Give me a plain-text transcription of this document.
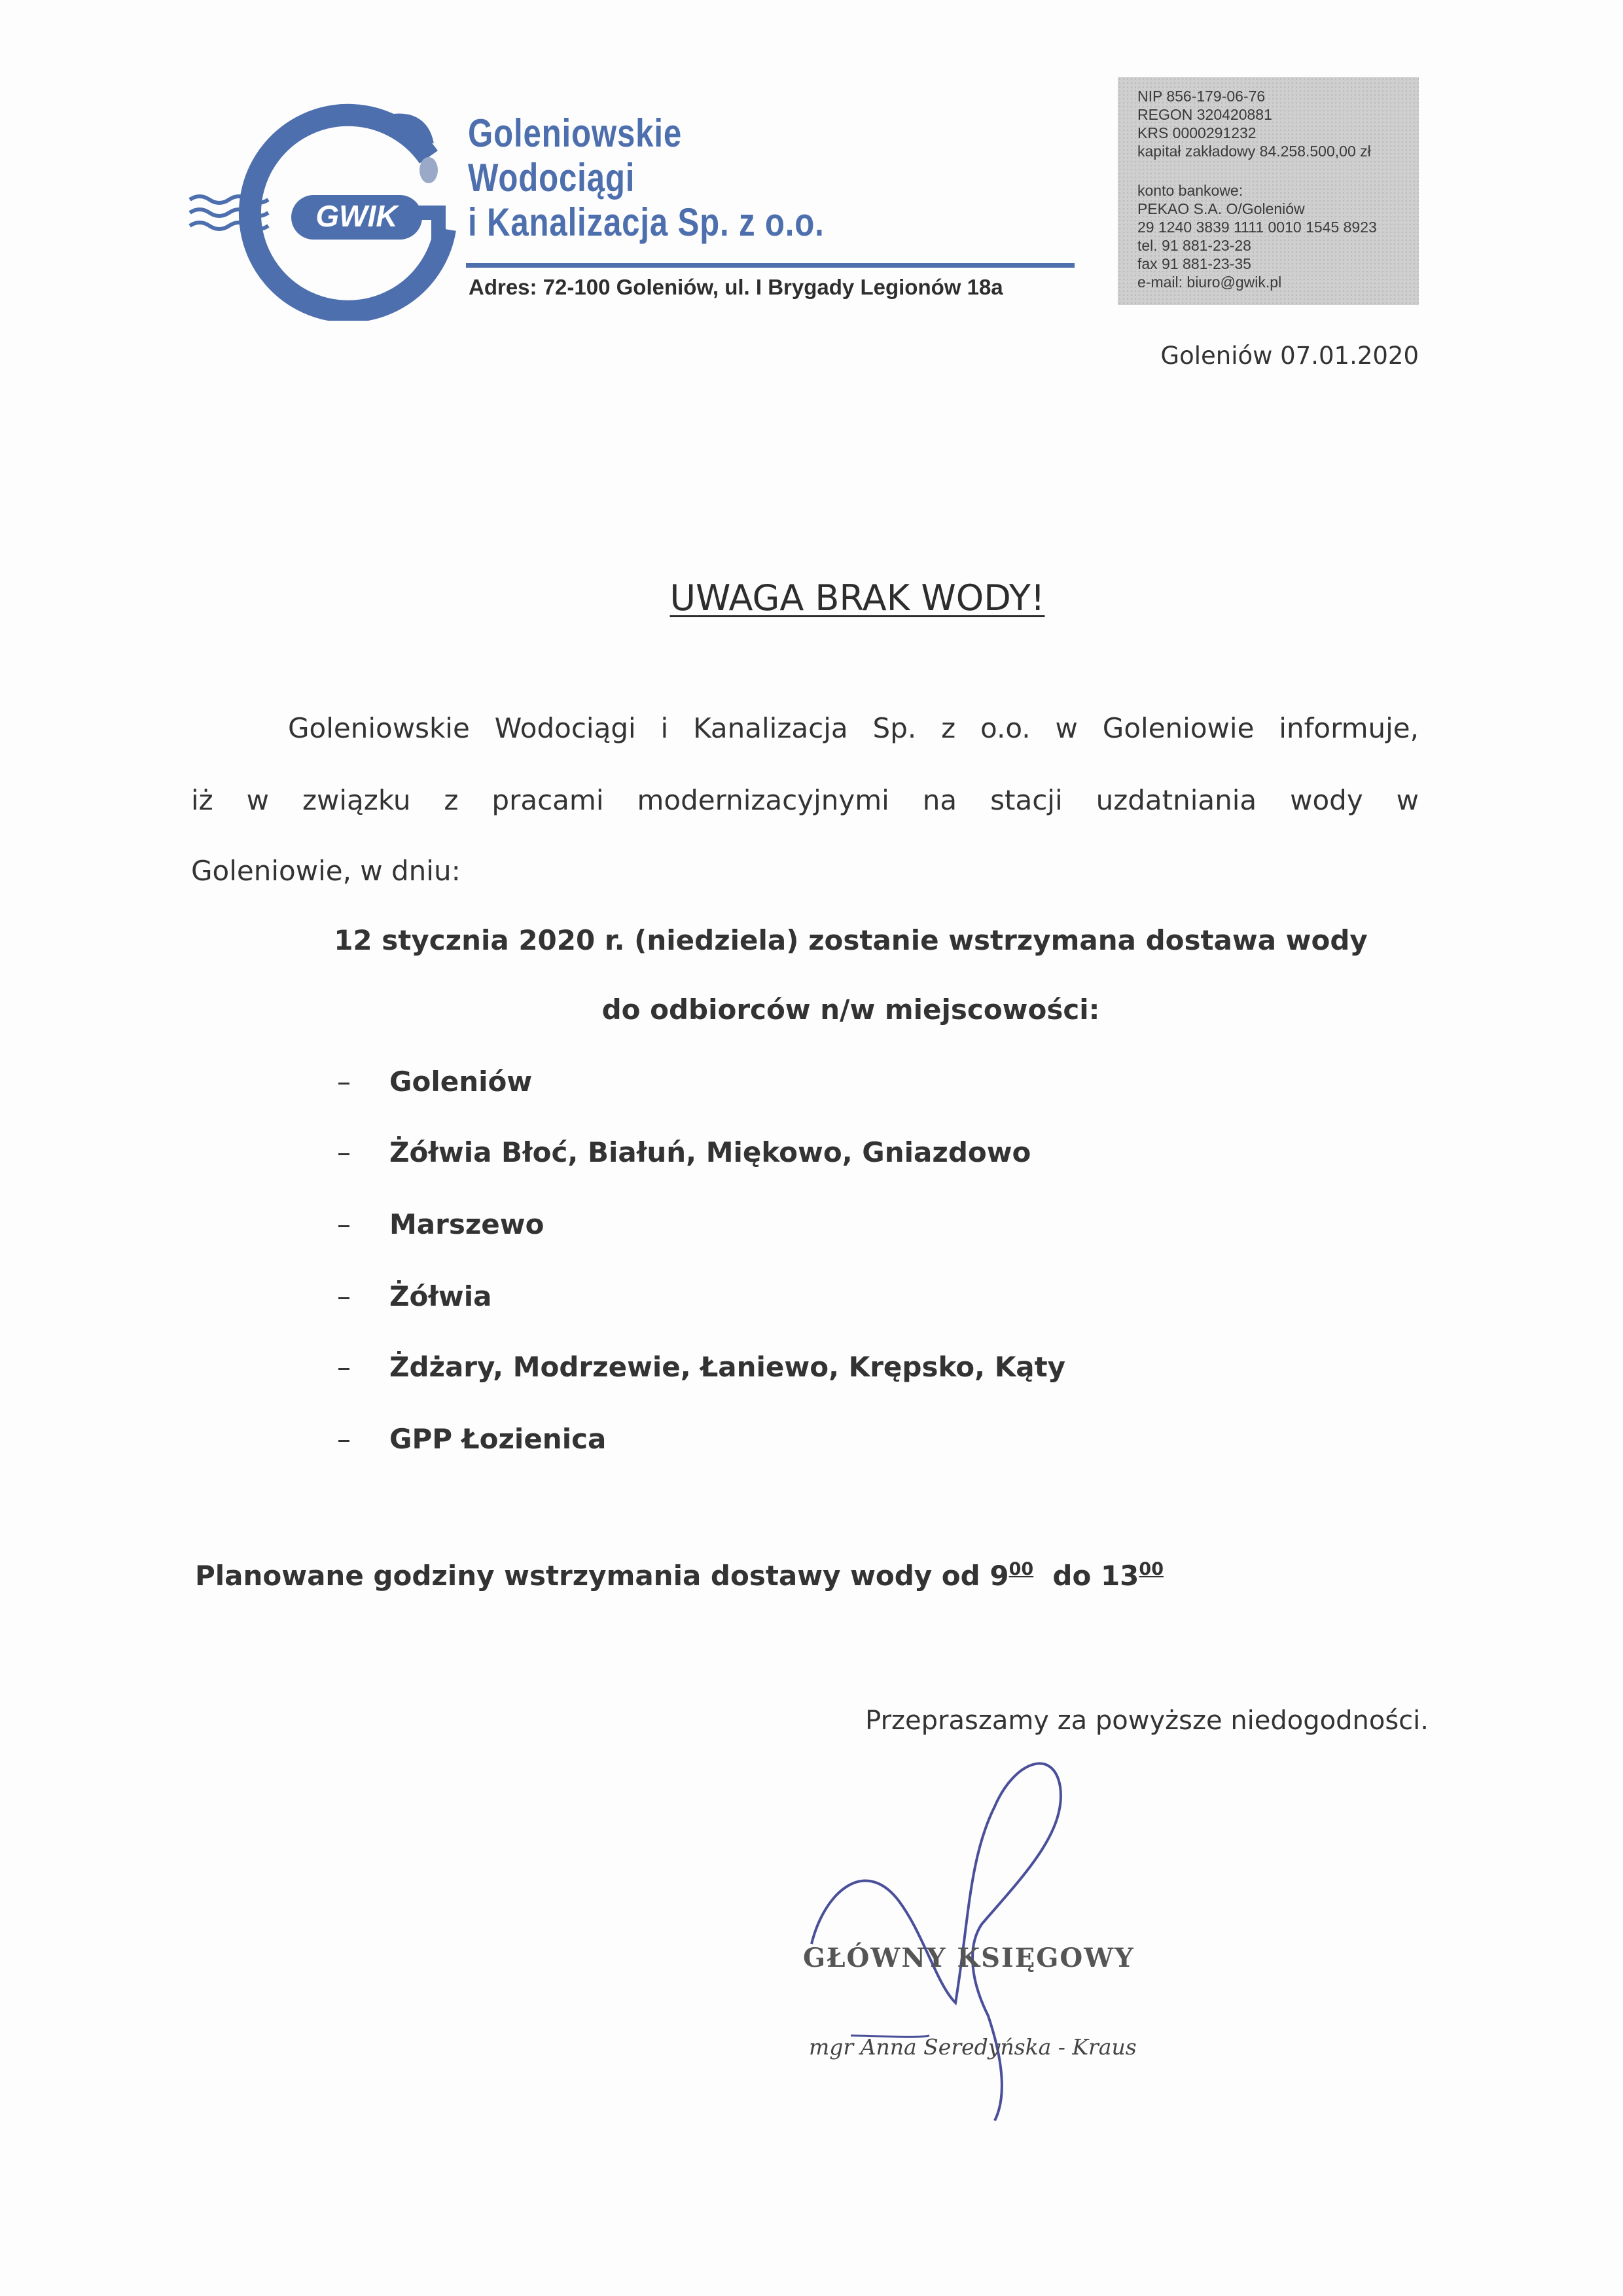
GWIK
Goleniowskie
Wodociągi
i Kanalizacja Sp. z o.o.
Adres: 72-100 Goleniów, ul. I Brygady Legionów 18a
NIP 856-179-06-76
REGON 320420881
KRS 0000291232
kapitał zakładowy 84.258.500,00 zł
konto bankowe:
PEKAO S.A. O/Goleniów
29 1240 3839 1111 0010 1545 8923
tel. 91 881-23-28
fax 91 881-23-35
e-mail: biuro@gwik.pl
Goleniów 07.01.2020
UWAGA BRAK WODY!
Goleniowskie Wodociągi i Kanalizacja Sp. z o.o. w Goleniowie informuje,
iż w związku z pracami modernizacyjnymi na stacji uzdatniania wody w
Goleniowie, w dniu:
12 stycznia 2020 r. (niedziela) zostanie wstrzymana dostawa wody
do odbiorców n/w miejscowości:
– Goleniów
– Żółwia Błoć, Białuń, Miękowo, Gniazdowo
– Marszewo
– Żółwia
– Żdżary, Modrzewie, Łaniewo, Krępsko, Kąty
– GPP Łozienica
Planowane godziny wstrzymania dostawy wody od $9^{00}$  do $13^{00}$
Przepraszamy za powyższe niedogodności.
GŁÓWNY KSIĘGOWY
mgr Anna Seredyńska - Kraus
